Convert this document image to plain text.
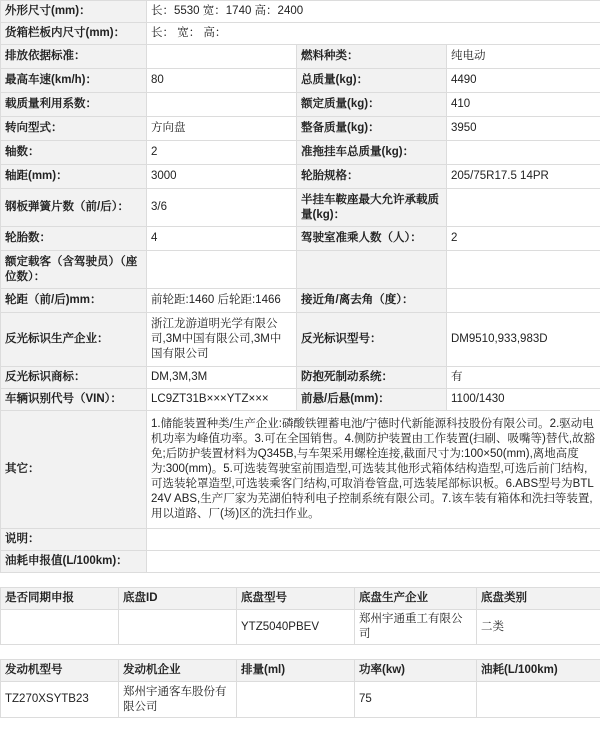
外形尺寸(mm)：	长：5530 宽：1740 高：2400		
货箱栏板内尺寸(mm)：	长： 宽： 高：		
排放依据标准：		燃料种类：	纯电动
最高车速(km/h)：	80	总质量(kg)：	4490
载质量利用系数：		额定质量(kg)：	410
转向型式：	方向盘	整备质量(kg)：	3950
轴数：	2	准拖挂车总质量(kg)：	
轴距(mm)：	3000	轮胎规格：	205/75R17.5 14PR
钢板弹簧片数（前/后）：	3/6	半挂车鞍座最大允许承载质量(kg)：	
轮胎数：	4	驾驶室准乘人数（人）：	2
额定载客（含驾驶员）（座位数）：			
轮距（前/后)mm：	前轮距:1460 后轮距:1466	接近角/离去角（度）：	
反光标识生产企业：	浙江龙游道明光学有限公司,3M中国有限公司,3M中国有限公司	反光标识型号：	DM9510,933,983D
反光标识商标：	DM,3M,3M	防抱死制动系统：	有
车辆识别代号（VIN）：	LC9ZT31B×××YTZ×××	前悬/后悬(mm)：	1100/1430
其它：	1.储能装置种类/生产企业:磷酸铁锂蓄电池/宁德时代新能源科技股份有限公司。2.驱动电机功率为峰值功率。3.可在全国销售。4.侧防护装置由工作装置(扫刷、吸嘴等)替代,故豁免;后防护装置材料为Q345B,与车架采用螺栓连接,截面尺寸为:100×50(mm),离地高度为:300(mm)。5.可选装驾驶室前围造型,可选装其他形式箱体结构造型,可选后前门结构,可选装轮罩造型,可选装乘客门结构,可取消卷管盘,可选装尾部标识板。6.ABS型号为BTL 24V ABS,生产厂家为芜湖伯特利电子控制系统有限公司。7.该车装有箱体和洗扫等装置,用以道路、厂(场)区的洗扫作业。		
说明：			
油耗申报值(L/100km)：			
是否同期申报	底盘ID	底盘型号	底盘生产企业	底盘类别
		YTZ5040PBEV	郑州宇通重工有限公司	二类
发动机型号	发动机企业	排量(ml)	功率(kw)	油耗(L/100km)
TZ270XSYTB23	郑州宇通客车股份有限公司		75	
